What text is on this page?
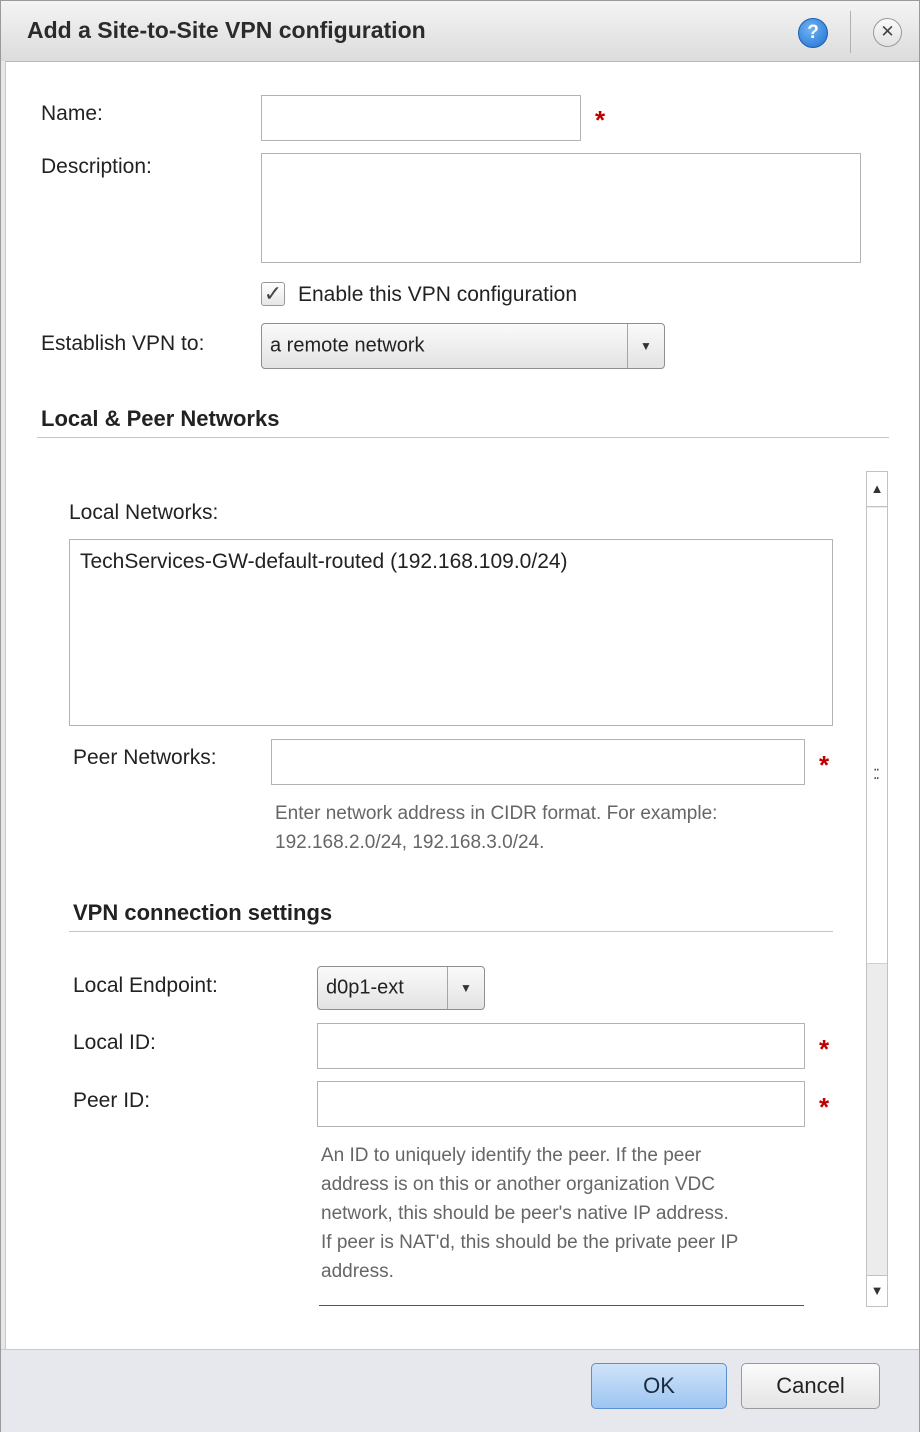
Add a Site-to-Site VPN configuration	?	✕
Name:	*
Description:
✓ Enable this VPN configuration
Establish VPN to:	a remote network	▼
Local & Peer Networks
Local Networks:
TechServices-GW-default-routed (192.168.109.0/24)
Peer Networks:	*
Enter network address in CIDR format. For example:
192.168.2.0/24, 192.168.3.0/24.
VPN connection settings
Local Endpoint:	d0p1-ext	▼
Local ID:	*
Peer ID:	*
An ID to uniquely identify the peer. If the peer
address is on this or another organization VDC
network, this should be peer's native IP address.
If peer is NAT'd, this should be the private peer IP
address.
▲
⁚⁚
▼
OK	Cancel
